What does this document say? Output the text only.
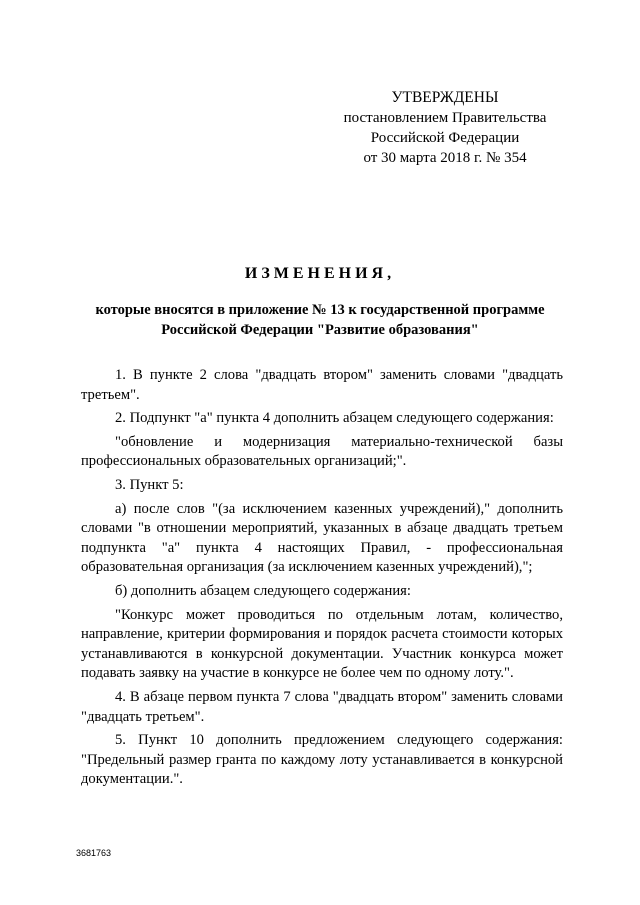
УТВЕРЖДЕНЫ
постановлением Правительства
Российской Федерации
от 30 марта 2018 г. № 354
ИЗМЕНЕНИЯ,
которые вносятся в приложение № 13 к государственной программе
Российской Федерации "Развитие образования"

1. В пункте 2 слова "двадцать втором" заменить словами "двадцать третьем".

2. Подпункт "а" пункта 4 дополнить абзацем следующего содержания:

"обновление и модернизация материально-технической базы профессиональных образовательных организаций;".

3. Пункт 5:

а) после слов "(за исключением казенных учреждений)," дополнить словами "в отношении мероприятий, указанных в абзаце двадцать третьем подпункта "а" пункта 4 настоящих Правил, - профессиональная образовательная организация (за исключением казенных учреждений),";

б) дополнить абзацем следующего содержания:

"Конкурс может проводиться по отдельным лотам, количество, направление, критерии формирования и порядок расчета стоимости которых устанавливаются в конкурсной документации. Участник конкурса может подавать заявку на участие в конкурсе не более чем по одному лоту.".

4. В абзаце первом пункта 7 слова "двадцать втором" заменить словами "двадцать третьем".

5. Пункт 10 дополнить предложением следующего содержания: "Предельный размер гранта по каждому лоту устанавливается в конкурсной документации.".

3681763
